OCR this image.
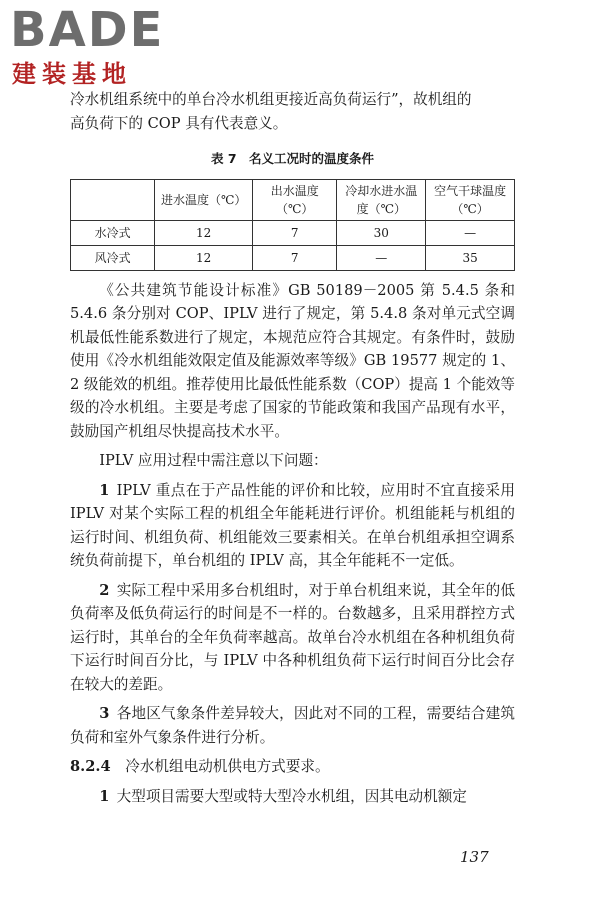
BADE
建装基地

冷水机组系统中的单台冷水机组更接近高负荷运行”，故机组的

高负荷下的 COP 具有代表意义。

表 7　名义工况时的温度条件
	进水温度（℃）	出水温度（℃）	冷却水进水温度（℃）	空气干球温度（℃）
水冷式	12	7	30	—
风冷式	12	7	—	35

《公共建筑节能设计标准》GB 50189－2005 第 5.4.5 条和 5.4.6 条分别对 COP、IPLV 进行了规定，第 5.4.8 条对单元式空调机最低性能系数进行了规定，本规范应符合其规定。有条件时，鼓励使用《冷水机组能效限定值及能源效率等级》GB 19577 规定的 1、2 级能效的机组。推荐使用比最低性能系数（COP）提高 1 个能效等级的冷水机组。主要是考虑了国家的节能政策和我国产品现有水平，鼓励国产机组尽快提高技术水平。

IPLV 应用过程中需注意以下问题：

1  IPLV 重点在于产品性能的评价和比较，应用时不宜直接采用 IPLV 对某个实际工程的机组全年能耗进行评价。机组能耗与机组的运行时间、机组负荷、机组能效三要素相关。在单台机组承担空调系统负荷前提下，单台机组的 IPLV 高，其全年能耗不一定低。

2  实际工程中采用多台机组时，对于单台机组来说，其全年的低负荷率及低负荷运行的时间是不一样的。台数越多，且采用群控方式运行时，其单台的全年负荷率越高。故单台冷水机组在各种机组负荷下运行时间百分比，与 IPLV 中各种机组负荷下运行时间百分比会存在较大的差距。

3  各地区气象条件差异较大，因此对不同的工程，需要结合建筑负荷和室外气象条件进行分析。

8.2.4  冷水机组电动机供电方式要求。

1  大型项目需要大型或特大型冷水机组，因其电动机额定

137
